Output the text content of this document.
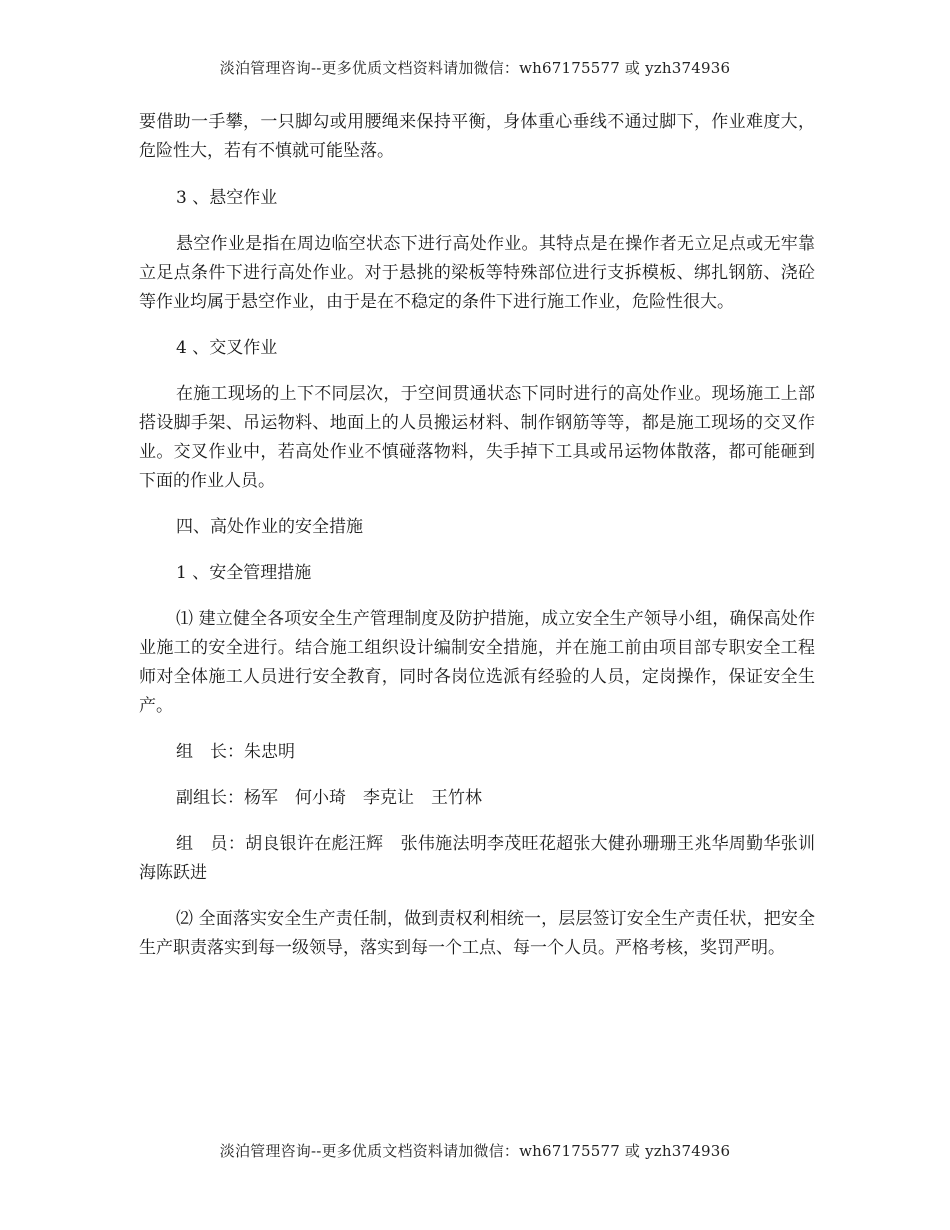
淡泊管理咨询--更多优质文档资料请加微信：wh67175577 或 yzh374936

要借助一手攀，一只脚勾或用腰绳来保持平衡，身体重心垂线不通过脚下，作业难度大，危险性大，若有不慎就可能坠落。

3 、悬空作业

悬空作业是指在周边临空状态下进行高处作业。其特点是在操作者无立足点或无牢靠立足点条件下进行高处作业。对于悬挑的梁板等特殊部位进行支拆模板、绑扎钢筋、浇砼等作业均属于悬空作业，由于是在不稳定的条件下进行施工作业，危险性很大。

4 、交叉作业

在施工现场的上下不同层次，于空间贯通状态下同时进行的高处作业。现场施工上部搭设脚手架、吊运物料、地面上的人员搬运材料、制作钢筋等等，都是施工现场的交叉作业。交叉作业中，若高处作业不慎碰落物料，失手掉下工具或吊运物体散落，都可能砸到下面的作业人员。

四、高处作业的安全措施

1 、安全管理措施

⑴ 建立健全各项安全生产管理制度及防护措施，成立安全生产领导小组，确保高处作业施工的安全进行。结合施工组织设计编制安全措施，并在施工前由项目部专职安全工程师对全体施工人员进行安全教育，同时各岗位选派有经验的人员，定岗操作，保证安全生产。

组　长：朱忠明

副组长：杨军　何小琦　李克让　王竹林

组　员：胡良银许在彪汪辉　张伟施法明李茂旺花超张大健孙珊珊王兆华周勤华张训海陈跃进

⑵ 全面落实安全生产责任制，做到责权利相统一，层层签订安全生产责任状，把安全生产职责落实到每一级领导，落实到每一个工点、每一个人员。严格考核，奖罚严明。

淡泊管理咨询--更多优质文档资料请加微信：wh67175577 或 yzh374936
